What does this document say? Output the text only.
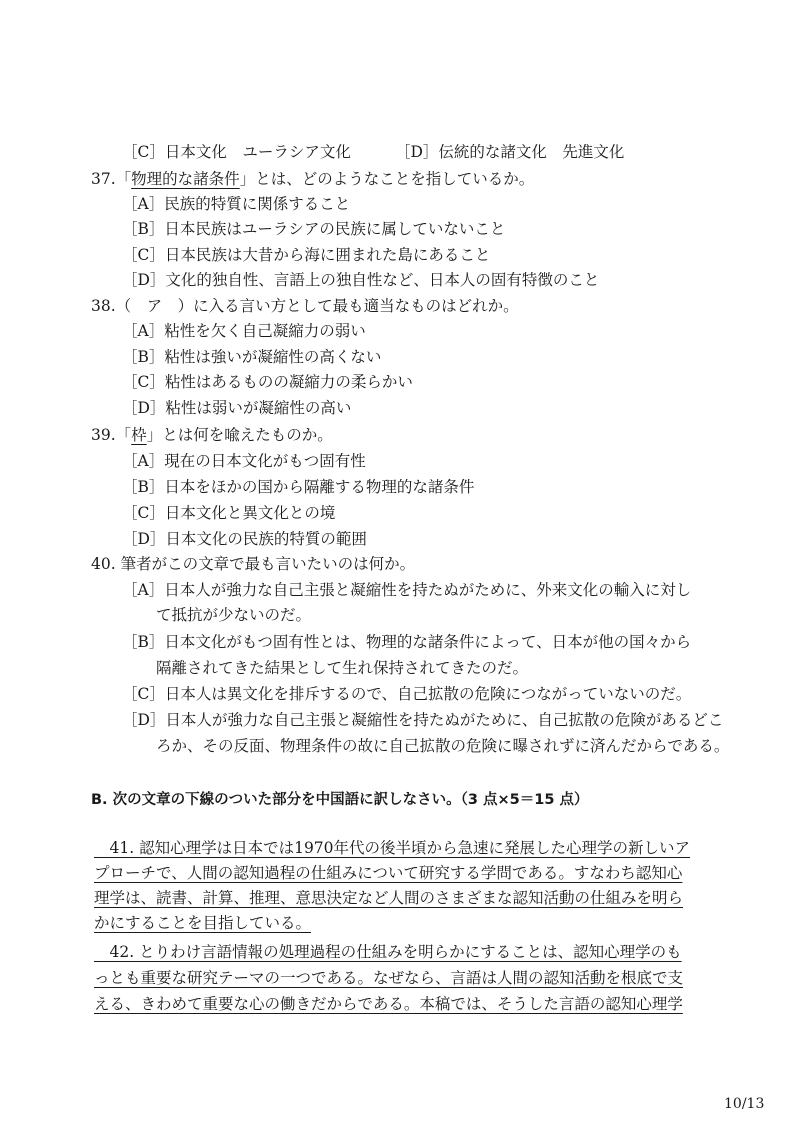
［C］日本文化　ユーラシア文化	［D］伝統的な諸文化　先進文化
37.「物理的な諸条件」とは、どのようなことを指しているか。
［A］民族的特質に関係すること
［B］日本民族はユーラシアの民族に属していないこと
［C］日本民族は大昔から海に囲まれた島にあること
［D］文化的独自性、言語上の独自性など、日本人の固有特徴のこと
38.（　ア　）に入る言い方として最も適当なものはどれか。
［A］粘性を欠く自己凝縮力の弱い
［B］粘性は強いが凝縮性の高くない
［C］粘性はあるものの凝縮力の柔らかい
［D］粘性は弱いが凝縮性の高い
39.「枠」とは何を喩えたものか。
［A］現在の日本文化がもつ固有性
［B］日本をほかの国から隔離する物理的な諸条件
［C］日本文化と異文化との境
［D］日本文化の民族的特質の範囲
40. 筆者がこの文章で最も言いたいのは何か。
［A］日本人が強力な自己主張と凝縮性を持たぬがために、外来文化の輸入に対し
て抵抗が少ないのだ。
［B］日本文化がもつ固有性とは、物理的な諸条件によって、日本が他の国々から
隔離されてきた結果として生れ保持されてきたのだ。
［C］日本人は異文化を排斥するので、自己拡散の危険につながっていないのだ。
［D］日本人が強力な自己主張と凝縮性を持たぬがために、自己拡散の危険があるどこ
ろか、その反面、物理条件の故に自己拡散の危険に曝されずに済んだからである。
B. 次の文章の下線のついた部分を中国語に訳しなさい。（3 点×5＝15 点）
　41. 認知心理学は日本では1970年代の後半頃から急速に発展した心理学の新しいア
プローチで、人間の認知過程の仕組みについて研究する学問である。すなわち認知心
理学は、読書、計算、推理、意思決定など人間のさまざまな認知活動の仕組みを明ら
かにすることを目指している。
　42. とりわけ言語情報の処理過程の仕組みを明らかにすることは、認知心理学のも
っとも重要な研究テーマの一つである。なぜなら、言語は人間の認知活動を根底で支
える、きわめて重要な心の働きだからである。本稿では、そうした言語の認知心理学
10/13
